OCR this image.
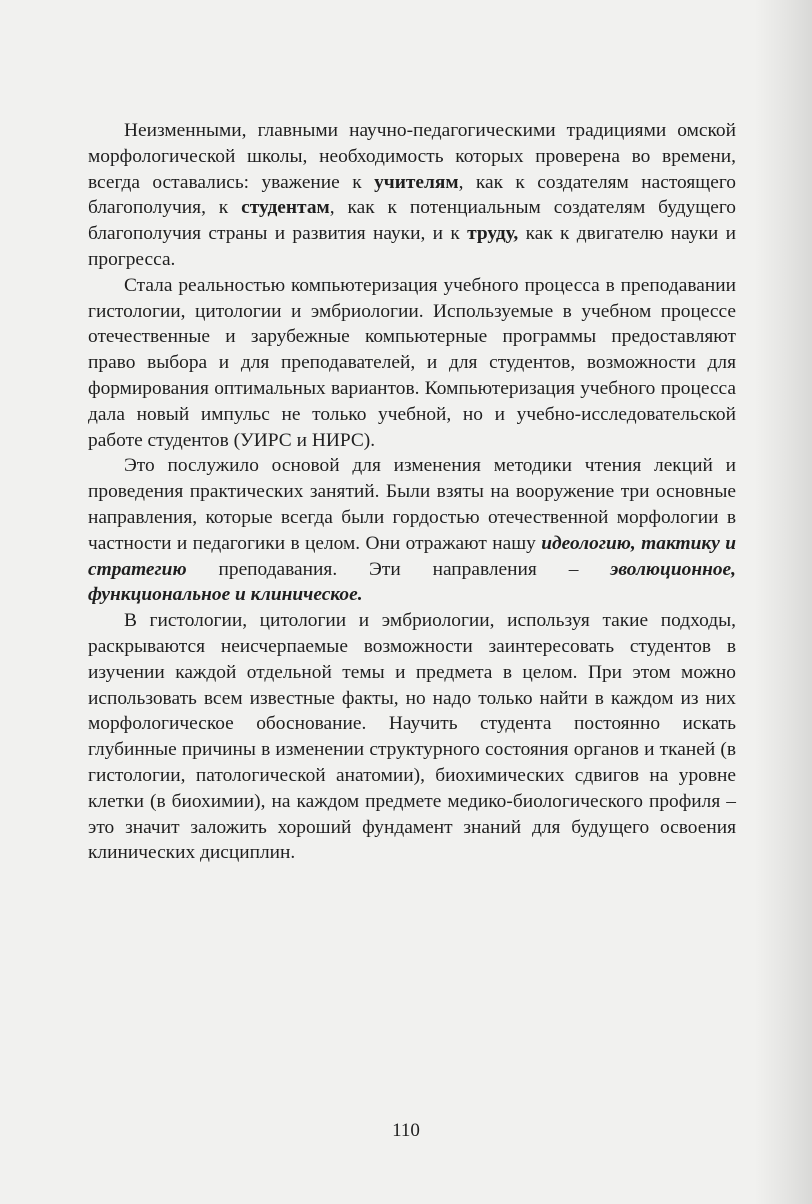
Неизменными, главными научно-педагогическими традициями омской морфологической школы, необходимость которых проверена во времени, всегда оставались: уважение к учителям, как к создателям настоящего благополучия, к студентам, как к потенциальным создателям будущего благополучия страны и развития науки, и к труду, как к двигателю науки и прогресса.

Стала реальностью компьютеризация учебного процесса в преподавании гистологии, цитологии и эмбриологии. Используемые в учебном процессе отечественные и зарубежные компьютерные программы предоставляют право выбора и для преподавателей, и для студентов, возможности для формирования оптимальных вариантов. Компьютеризация учебного процесса дала новый импульс не только учебной, но и учебно-исследовательской работе студентов (УИРС и НИРС).

Это послужило основой для изменения методики чтения лекций и проведения практических занятий. Были взяты на вооружение три основные направления, которые всегда были гордостью отечественной морфологии в частности и педагогики в целом. Они отражают нашу идеологию, тактику и стратегию преподавания. Эти направления – эволюционное, функциональное и клиническое.

В гистологии, цитологии и эмбриологии, используя такие подходы, раскрываются неисчерпаемые возможности заинтересовать студентов в изучении каждой отдельной темы и предмета в целом. При этом можно использовать всем известные факты, но надо только найти в каждом из них морфологическое обоснование. Научить студента постоянно искать глубинные причины в изменении структурного состояния органов и тканей (в гистологии, патологической анатомии), биохимических сдвигов на уровне клетки (в биохимии), на каждом предмете медико-биологического профиля – это значит заложить хороший фундамент знаний для будущего освоения клинических дисциплин.

110
